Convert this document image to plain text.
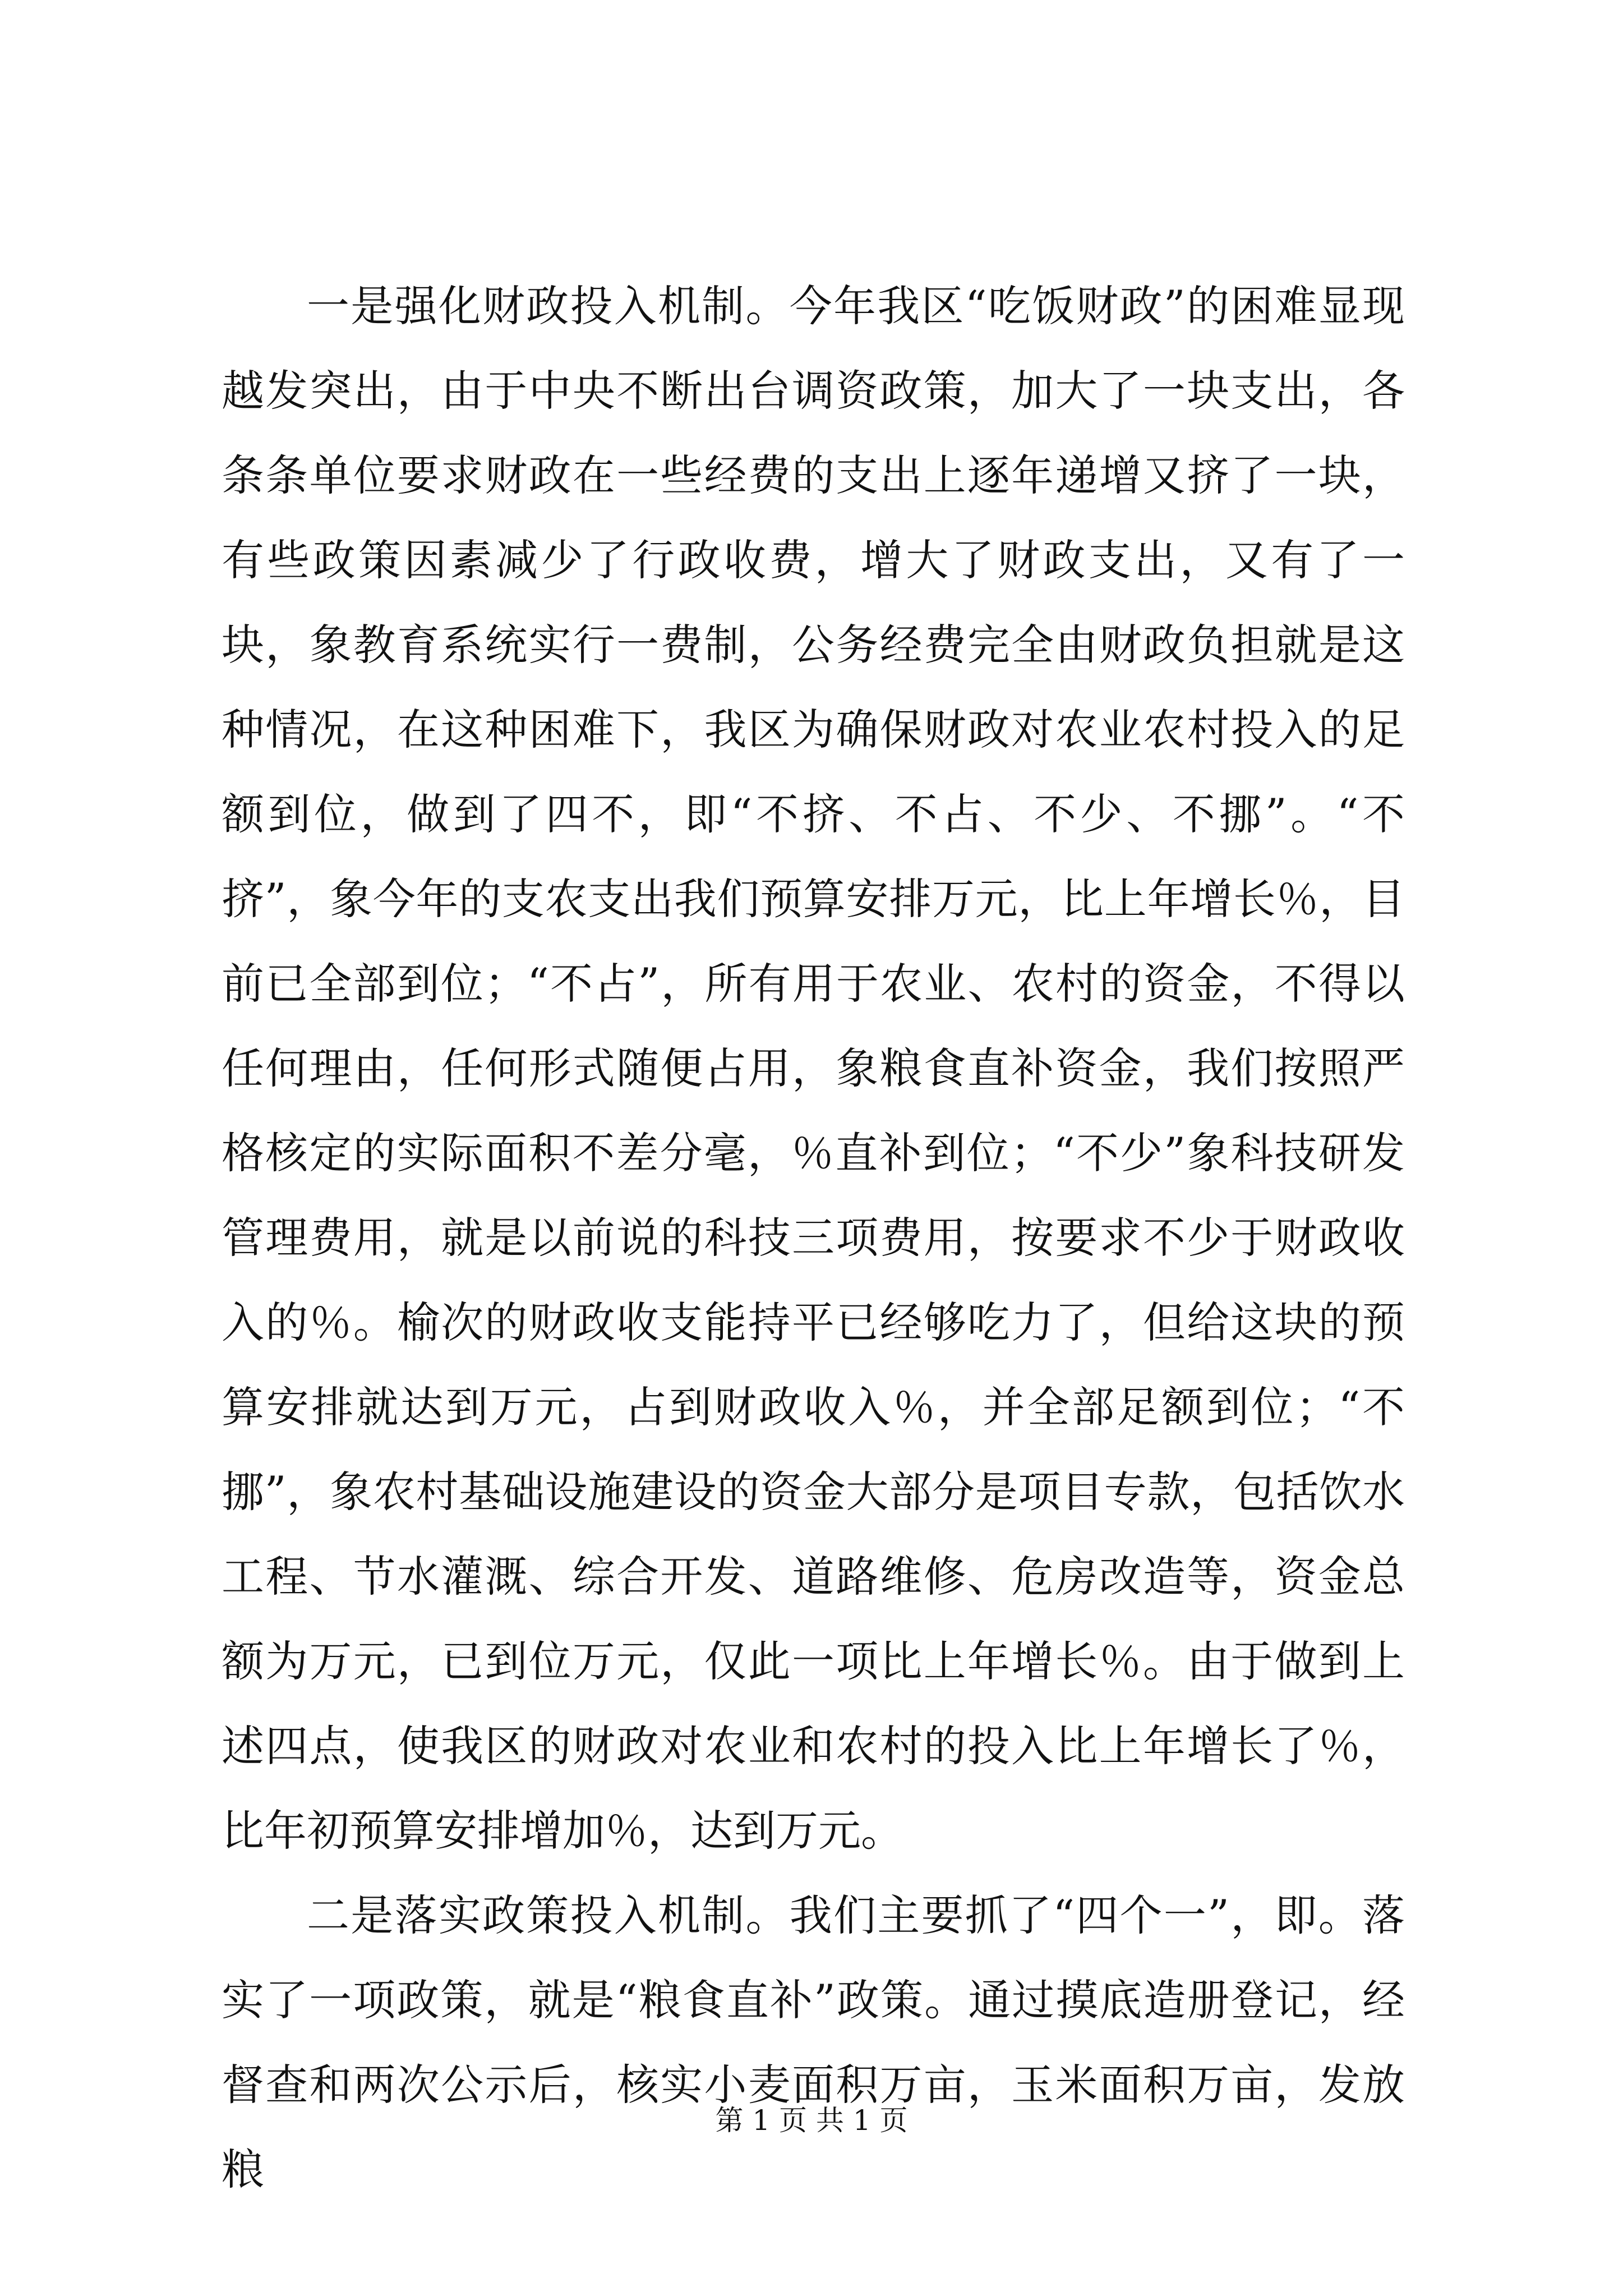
一是强化财政投入机制。今年我区“吃饭财政”的困难显现越发突出，由于中央不断出台调资政策，加大了一块支出，各条条单位要求财政在一些经费的支出上逐年递增又挤了一块，有些政策因素减少了行政收费，增大了财政支出，又有了一块，象教育系统实行一费制，公务经费完全由财政负担就是这种情况，在这种困难下，我区为确保财政对农业农村投入的足额到位，做到了四不，即“不挤、不占、不少、不挪”。“不挤”，象今年的支农支出我们预算安排万元，比上年增长％，目前已全部到位；“不占”，所有用于农业、农村的资金，不得以任何理由，任何形式随便占用，象粮食直补资金，我们按照严格核定的实际面积不差分毫，％直补到位；“不少”象科技研发管理费用，就是以前说的科技三项费用，按要求不少于财政收入的％。榆次的财政收支能持平已经够吃力了，但给这块的预算安排就达到万元，占到财政收入％，并全部足额到位；“不挪”，象农村基础设施建设的资金大部分是项目专款，包括饮水工程、节水灌溉、综合开发、道路维修、危房改造等，资金总额为万元，已到位万元，仅此一项比上年增长％。由于做到上述四点，使我区的财政对农业和农村的投入比上年增长了％，比年初预算安排增加％，达到万元。

二是落实政策投入机制。我们主要抓了“四个一”，即。落实了一项政策，就是“粮食直补”政策。通过摸底造册登记，经督查和两次公示后，核实小麦面积万亩，玉米面积万亩，发放粮

第 1 页 共 1 页
